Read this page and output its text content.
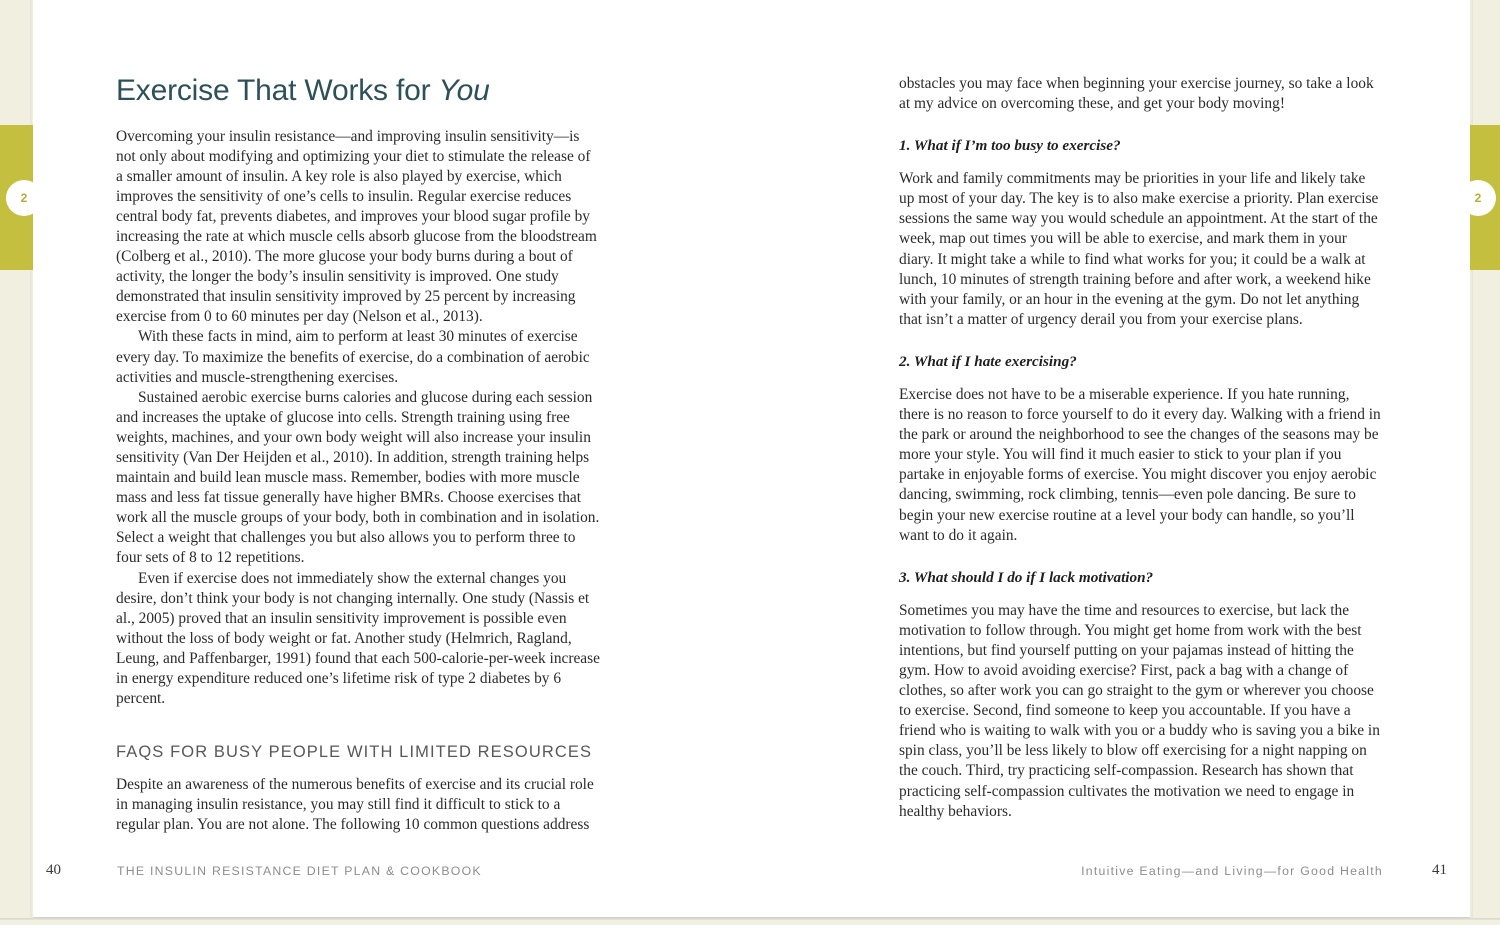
2	2
Exercise That Works for You

Overcoming your insulin resistance—and improving insulin sensitivity—is not only about modifying and optimizing your diet to stimulate the release of a smaller amount of insulin. A key role is also played by exercise, which improves the sensitivity of one’s cells to insulin. Regular exercise reduces central body fat, prevents diabetes, and improves your blood sugar profile by increasing the rate at which muscle cells absorb glucose from the bloodstream (Colberg et al., 2010). The more glucose your body burns during a bout of activity, the longer the body’s insulin sensitivity is improved. One study demonstrated that insulin sensitivity improved by 25 percent by increasing exercise from 0 to 60 minutes per day (Nelson et al., 2013).

With these facts in mind, aim to perform at least 30 minutes of exercise every day. To maximize the benefits of exercise, do a combination of aerobic activities and muscle-strengthening exercises.

Sustained aerobic exercise burns calories and glucose during each session and increases the uptake of glucose into cells. Strength training using free weights, machines, and your own body weight will also increase your insulin sensitivity (Van Der Heijden et al., 2010). In addition, strength training helps maintain and build lean muscle mass. Remember, bodies with more muscle mass and less fat tissue generally have higher BMRs. Choose exercises that work all the muscle groups of your body, both in combination and in isolation. Select a weight that challenges you but also allows you to perform three to four sets of 8 to 12 repetitions.

Even if exercise does not immediately show the external changes you desire, don’t think your body is not changing internally. One study (Nassis et al., 2005) proved that an insulin sensitivity improvement is possible even without the loss of body weight or fat. Another study (Helmrich, Ragland, Leung, and Paffenbarger, 1991) found that each 500-calorie-per-week increase in energy expenditure reduced one’s lifetime risk of type 2 diabetes by 6 percent.

FAQS FOR BUSY PEOPLE WITH LIMITED RESOURCES

Despite an awareness of the numerous benefits of exercise and its crucial role in managing insulin resistance, you may still find it difficult to stick to a regular plan. You are not alone. The following 10 common questions address

40	THE INSULIN RESISTANCE DIET PLAN & COOKBOOK

obstacles you may face when beginning your exercise journey, so take a look at my advice on overcoming these, and get your body moving!

1. What if I’m too busy to exercise?

Work and family commitments may be priorities in your life and likely take up most of your day. The key is to also make exercise a priority. Plan exercise sessions the same way you would schedule an appointment. At the start of the week, map out times you will be able to exercise, and mark them in your diary. It might take a while to find what works for you; it could be a walk at lunch, 10 minutes of strength training before and after work, a weekend hike with your family, or an hour in the evening at the gym. Do not let anything that isn’t a matter of urgency derail you from your exercise plans.

2. What if I hate exercising?

Exercise does not have to be a miserable experience. If you hate running, there is no reason to force yourself to do it every day. Walking with a friend in the park or around the neighborhood to see the changes of the seasons may be more your style. You will find it much easier to stick to your plan if you partake in enjoyable forms of exercise. You might discover you enjoy aerobic dancing, swimming, rock climbing, tennis—even pole dancing. Be sure to begin your new exercise routine at a level your body can handle, so you’ll want to do it again.

3. What should I do if I lack motivation?

Sometimes you may have the time and resources to exercise, but lack the motivation to follow through. You might get home from work with the best intentions, but find yourself putting on your pajamas instead of hitting the gym. How to avoid avoiding exercise? First, pack a bag with a change of clothes, so after work you can go straight to the gym or wherever you choose to exercise. Second, find someone to keep you accountable. If you have a friend who is waiting to walk with you or a buddy who is saving you a bike in spin class, you’ll be less likely to blow off exercising for a night napping on the couch. Third, try practicing self-compassion. Research has shown that practicing self-compassion cultivates the motivation we need to engage in healthy behaviors.

41
Intuitive Eating—and Living—for Good Health
